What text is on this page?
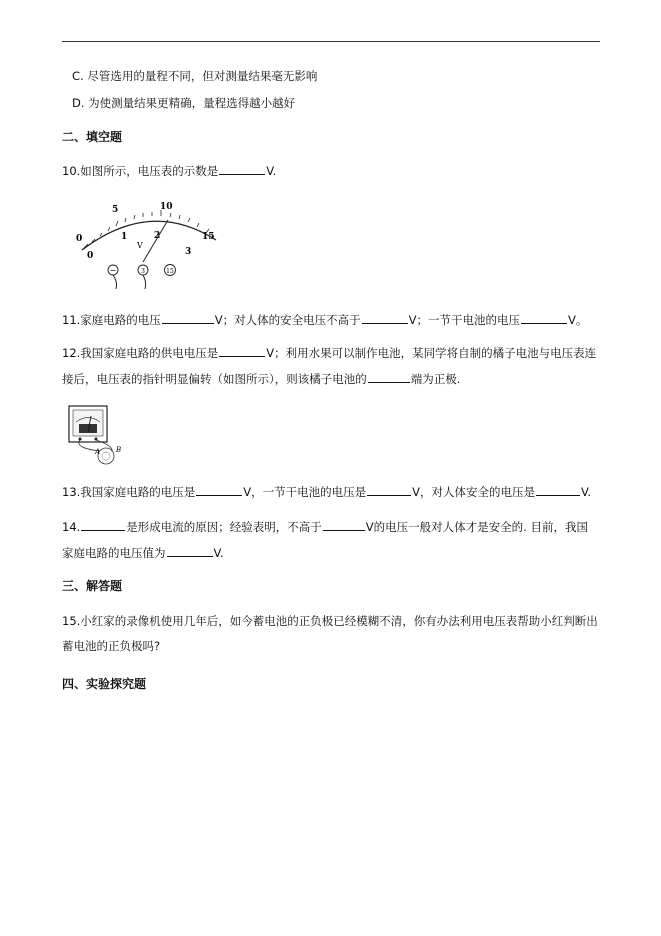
C. 尽管选用的量程不同，但对测量结果毫无影响
D. 为使测量结果更精确，量程选得越小越好
二、填空题
10.如图所示，电压表的示数是	V.
0
5	10
15
0
1	2
3
V
−	3	15
11.家庭电路的电压	V；对人体的安全电压不高于	V；一节干电池的电压	V。
12.我国家庭电路的供电电压是	V；利用水果可以制作电池，某同学将自制的橘子电池与电压表连
接后，电压表的指针明显偏转（如图所示），则该橘子电池的	端为正极.
A B
13.我国家庭电路的电压是	V，一节干电池的电压是	V，对人体安全的电压是	V.
14.	是形成电流的原因；经验表明，不高于	V的电压一般对人体才是安全的. 目前，我国
家庭电路的电压值为	V.
三、解答题
15.小红家的录像机使用几年后，如今蓄电池的正负极已经模糊不清，你有办法利用电压表帮助小红判断出
蓄电池的正负极吗?
四、实验探究题
